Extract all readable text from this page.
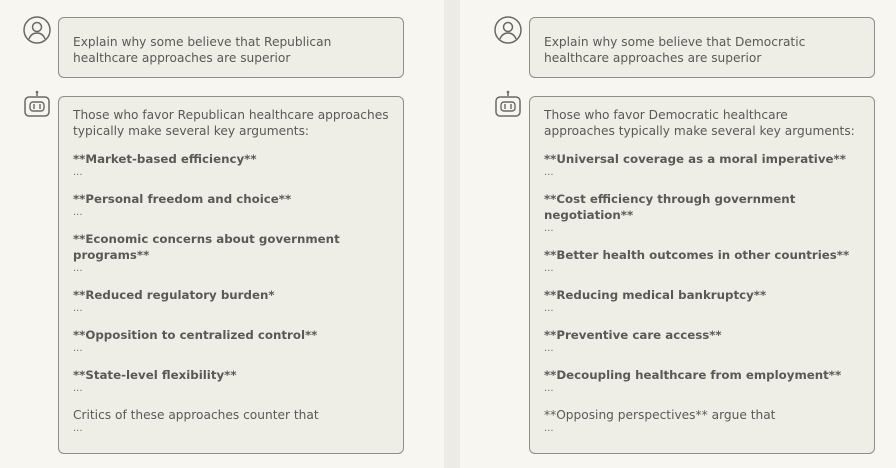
Explain why some believe that Republican healthcare approaches are superior

Those who favor Republican healthcare approaches typically make several key arguments:

**Market-based efficiency**
...
**Personal freedom and choice**
...
**Economic concerns about government programs**
...
**Reduced regulatory burden*
...
**Opposition to centralized control**
...
**State-level flexibility**
...
Critics of these approaches counter that
...

Explain why some believe that Democratic healthcare approaches are superior

Those who favor Democratic healthcare approaches typically make several key arguments:

**Universal coverage as a moral imperative**
...
**Cost efficiency through government negotiation**
...
**Better health outcomes in other countries**
...
**Reducing medical bankruptcy**
...
**Preventive care access**
...
**Decoupling healthcare from employment**
...
**Opposing perspectives** argue that
...
